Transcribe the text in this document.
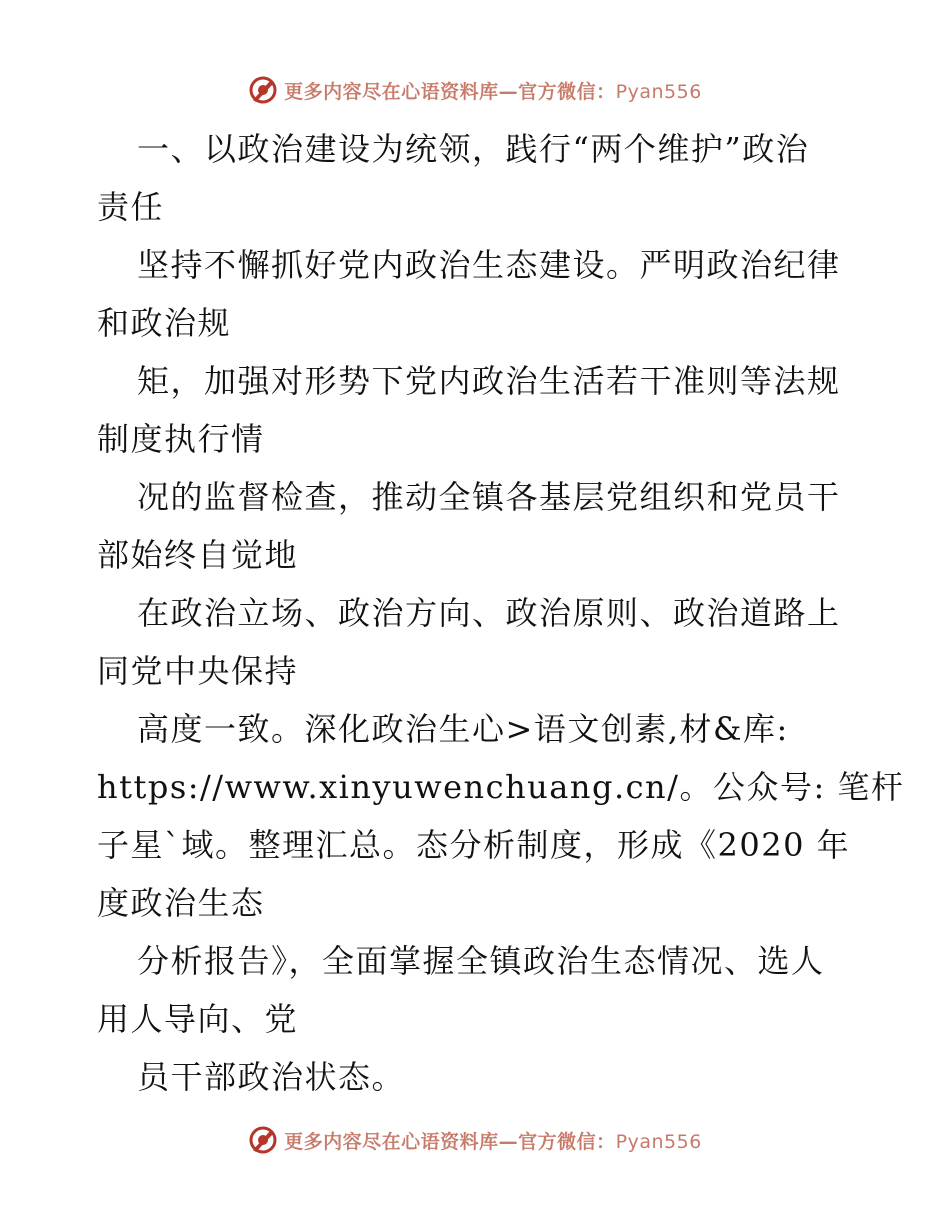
更多内容尽在心语资料库—官方微信：Pyan556
一、以政治建设为统领，践行“两个维护”政治
责任
坚持不懈抓好党内政治生态建设。严明政治纪律
和政治规
矩，加强对形势下党内政治生活若干准则等法规
制度执行情
况的监督检查，推动全镇各基层党组织和党员干
部始终自觉地
在政治立场、政治方向、政治原则、政治道路上
同党中央保持
高度一致。深化政治生心>语文创素,材&库:
https://www.xinyuwenchuang.cn/。公众号: 笔杆
子星`域。整理汇总。态分析制度，形成《2020 年
度政治生态
分析报告》，全面掌握全镇政治生态情况、选人
用人导向、党
员干部政治状态。
更多内容尽在心语资料库—官方微信：Pyan556
